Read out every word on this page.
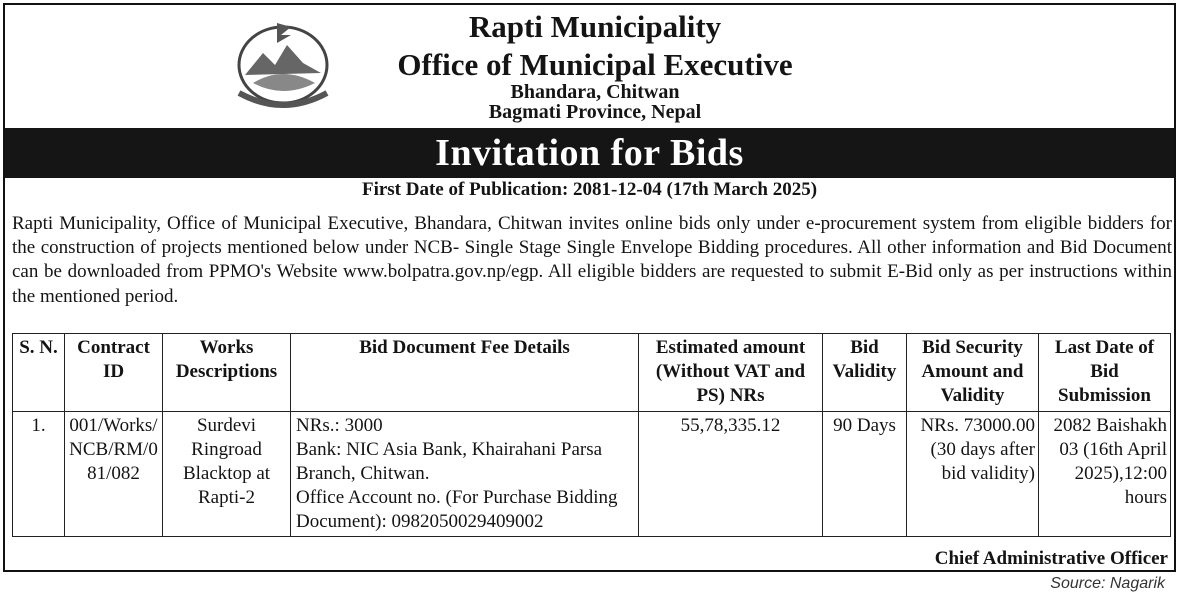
Rapti Municipality
Office of Municipal Executive
Bhandara, Chitwan
Bagmati Province, Nepal
Invitation for Bids
First Date of Publication: 2081-12-04 (17th March 2025)
Rapti Municipality, Office of Municipal Executive, Bhandara, Chitwan invites online bids only under e-procurement system from eligible bidders for the construction of projects mentioned below under NCB- Single Stage Single Envelope Bidding procedures. All other information and Bid Document can be downloaded from PPMO's Website www.bolpatra.gov.np/egp. All eligible bidders are requested to submit E-Bid only as per instructions within the mentioned period.
S. N.	Contract ID	Works Descriptions	Bid Document Fee Details	Estimated amount (Without VAT and PS) NRs	Bid Validity	Bid Security Amount and Validity	Last Date of Bid Submission
1.	001/Works/NCB/RM/081/082	Surdevi Ringroad Blacktop at Rapti-2	NRs.: 3000
Bank: NIC Asia Bank, Khairahani Parsa Branch, Chitwan.
Office Account no. (For Purchase Bidding Document): 0982050029409002	55,78,335.12	90 Days	NRs. 73000.00 (30 days after bid validity)	2082 Baishakh 03 (16th April 2025),12:00 hours
Chief Administrative Officer
Source: Nagarik
